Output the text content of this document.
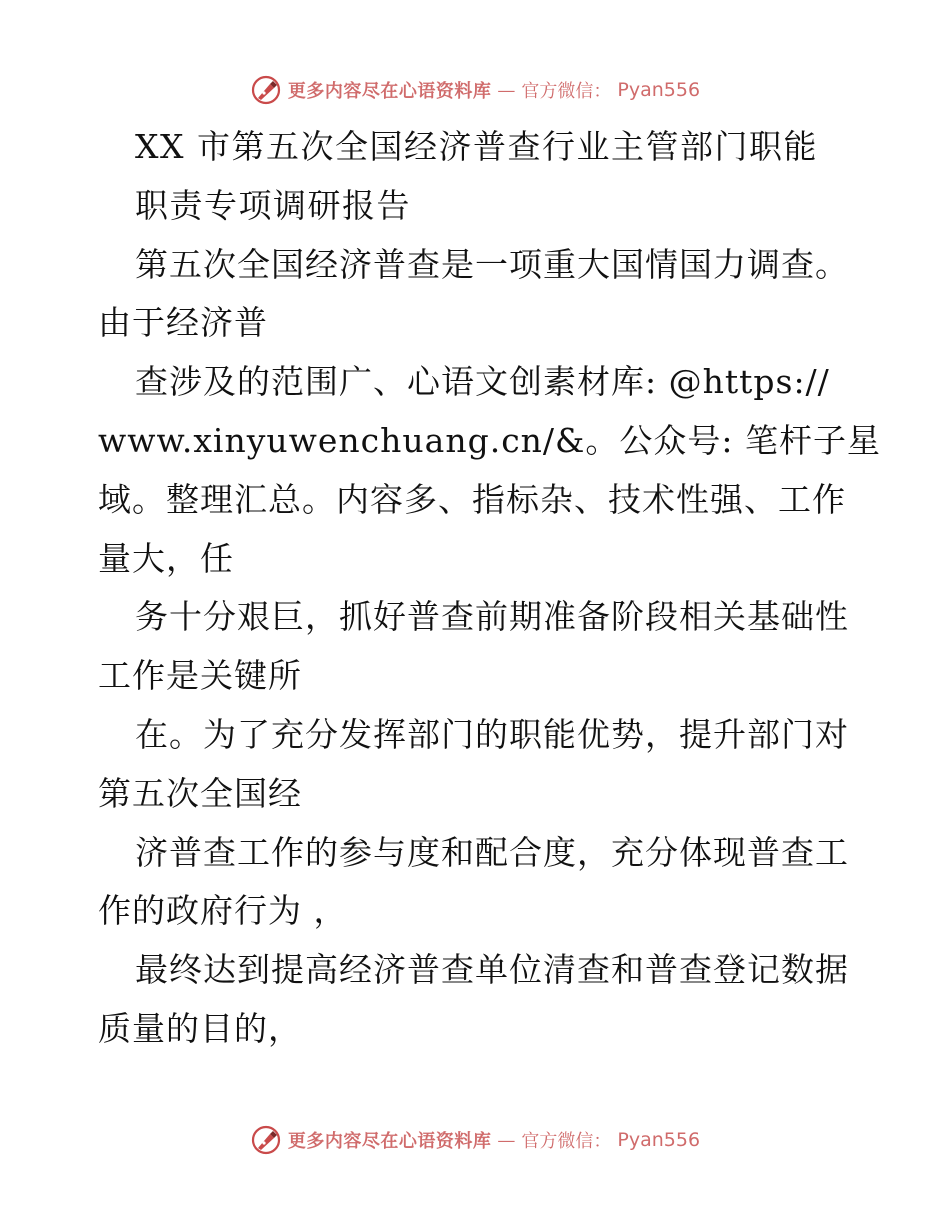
更多内容尽在心语资料库 — 官方微信： Pyan556
XX 市第五次全国经济普查行业主管部门职能
职责专项调研报告
第五次全国经济普查是一项重大国情国力调查。
由于经济普
查涉及的范围广、心语文创素材库: @https://
www.xinyuwenchuang.cn/&。公众号: 笔杆子星
域。整理汇总。内容多、指标杂、技术性强、工作
量大，任
务十分艰巨，抓好普查前期准备阶段相关基础性
工作是关键所
在。为了充分发挥部门的职能优势，提升部门对
第五次全国经
济普查工作的参与度和配合度，充分体现普查工
作的政府行为 ，
最终达到提高经济普查单位清查和普查登记数据
质量的目的，
更多内容尽在心语资料库 — 官方微信： Pyan556
